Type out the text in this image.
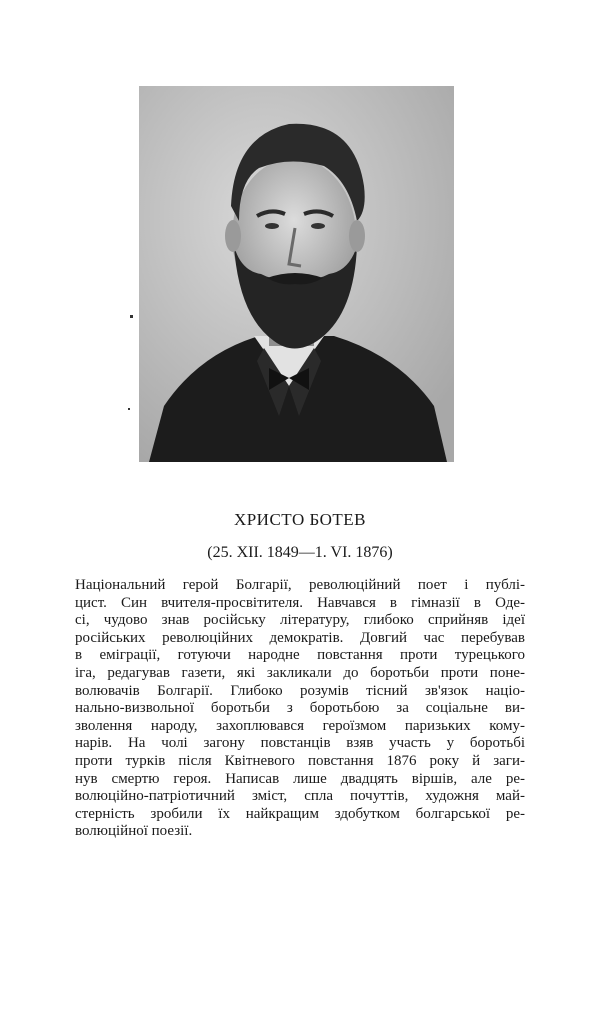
ХРИСТО БОТЕВ
(25. XII. 1849—1. VI. 1876)
Національний герой Болгарії, революційний поет і публі-
цист. Син вчителя-просвітителя. Навчався в гімназії в Оде-
сі, чудово знав російську літературу, глибоко сприйняв ідеї
російських революційних демократів. Довгий час перебував
в еміграції, готуючи народне повстання проти турецького
іга, редагував газети, які закликали до боротьби проти поне-
волювачів Болгарії. Глибоко розумів тісний зв'язок націо-
нально-визвольної боротьби з боротьбою за соціальне ви-
зволення народу, захоплювався героїзмом паризьких кому-
нарів. На чолі загону повстанців взяв участь у боротьбі
проти турків після Квітневого повстання 1876 року й заги-
нув смертю героя. Написав лише двадцять віршів, але ре-
волюційно-патріотичний зміст, спла почуттів, художня май-
стерність зробили їх найкращим здобутком болгарської ре-
волюційної поезії.
